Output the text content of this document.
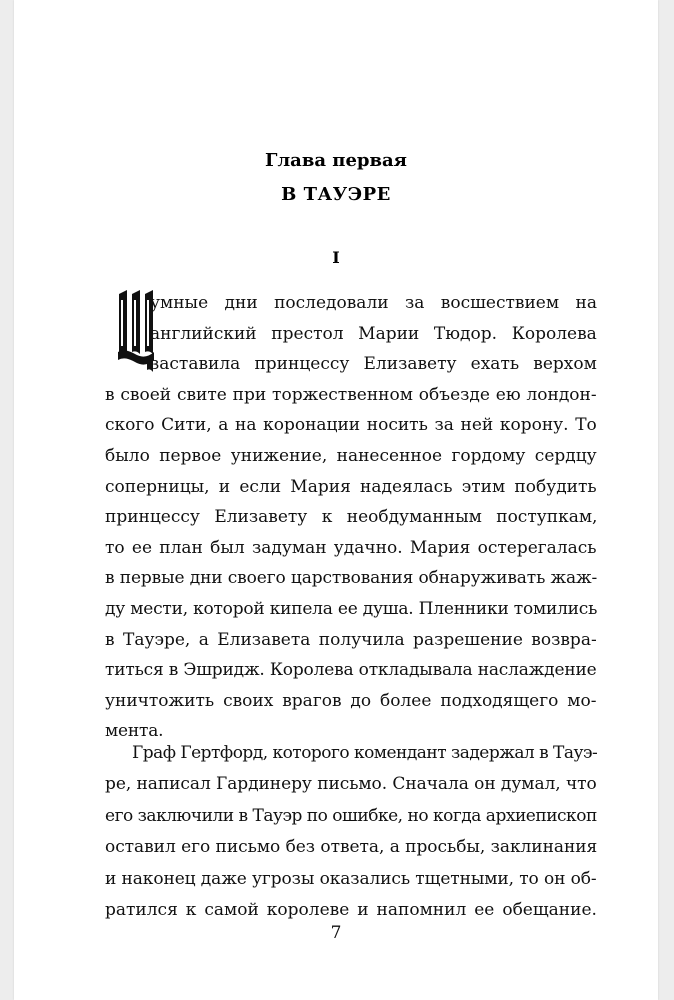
Глава первая
В ТАУЭРЕ
I
умные дни последовали за восшествием на
английский престол Марии Тюдор. Королева
заставила принцессу Елизавету ехать верхом
в своей свите при торжественном объезде ею лондон-
ского Сити, а на коронации носить за ней корону. То
было первое унижение, нанесенное гордому сердцу
соперницы, и если Мария надеялась этим побудить
принцессу Елизавету к необдуманным поступкам,
то ее план был задуман удачно. Мария остерегалась
в первые дни своего царствования обнаруживать жаж-
ду мести, которой кипела ее душа. Пленники томились
в Тауэре, а Елизавета получила разрешение возвра-
титься в Эшридж. Королева откладывала наслаждение
уничтожить своих врагов до более подходящего мо-
мента.
Граф Гертфорд, которого комендант задержал в Тауэ-
ре, написал Гардинеру письмо. Сначала он думал, что
его заключили в Тауэр по ошибке, но когда архиепископ
оставил его письмо без ответа, а просьбы, заклинания
и наконец даже угрозы оказались тщетными, то он об-
ратился к самой королеве и напомнил ее обещание.
7
